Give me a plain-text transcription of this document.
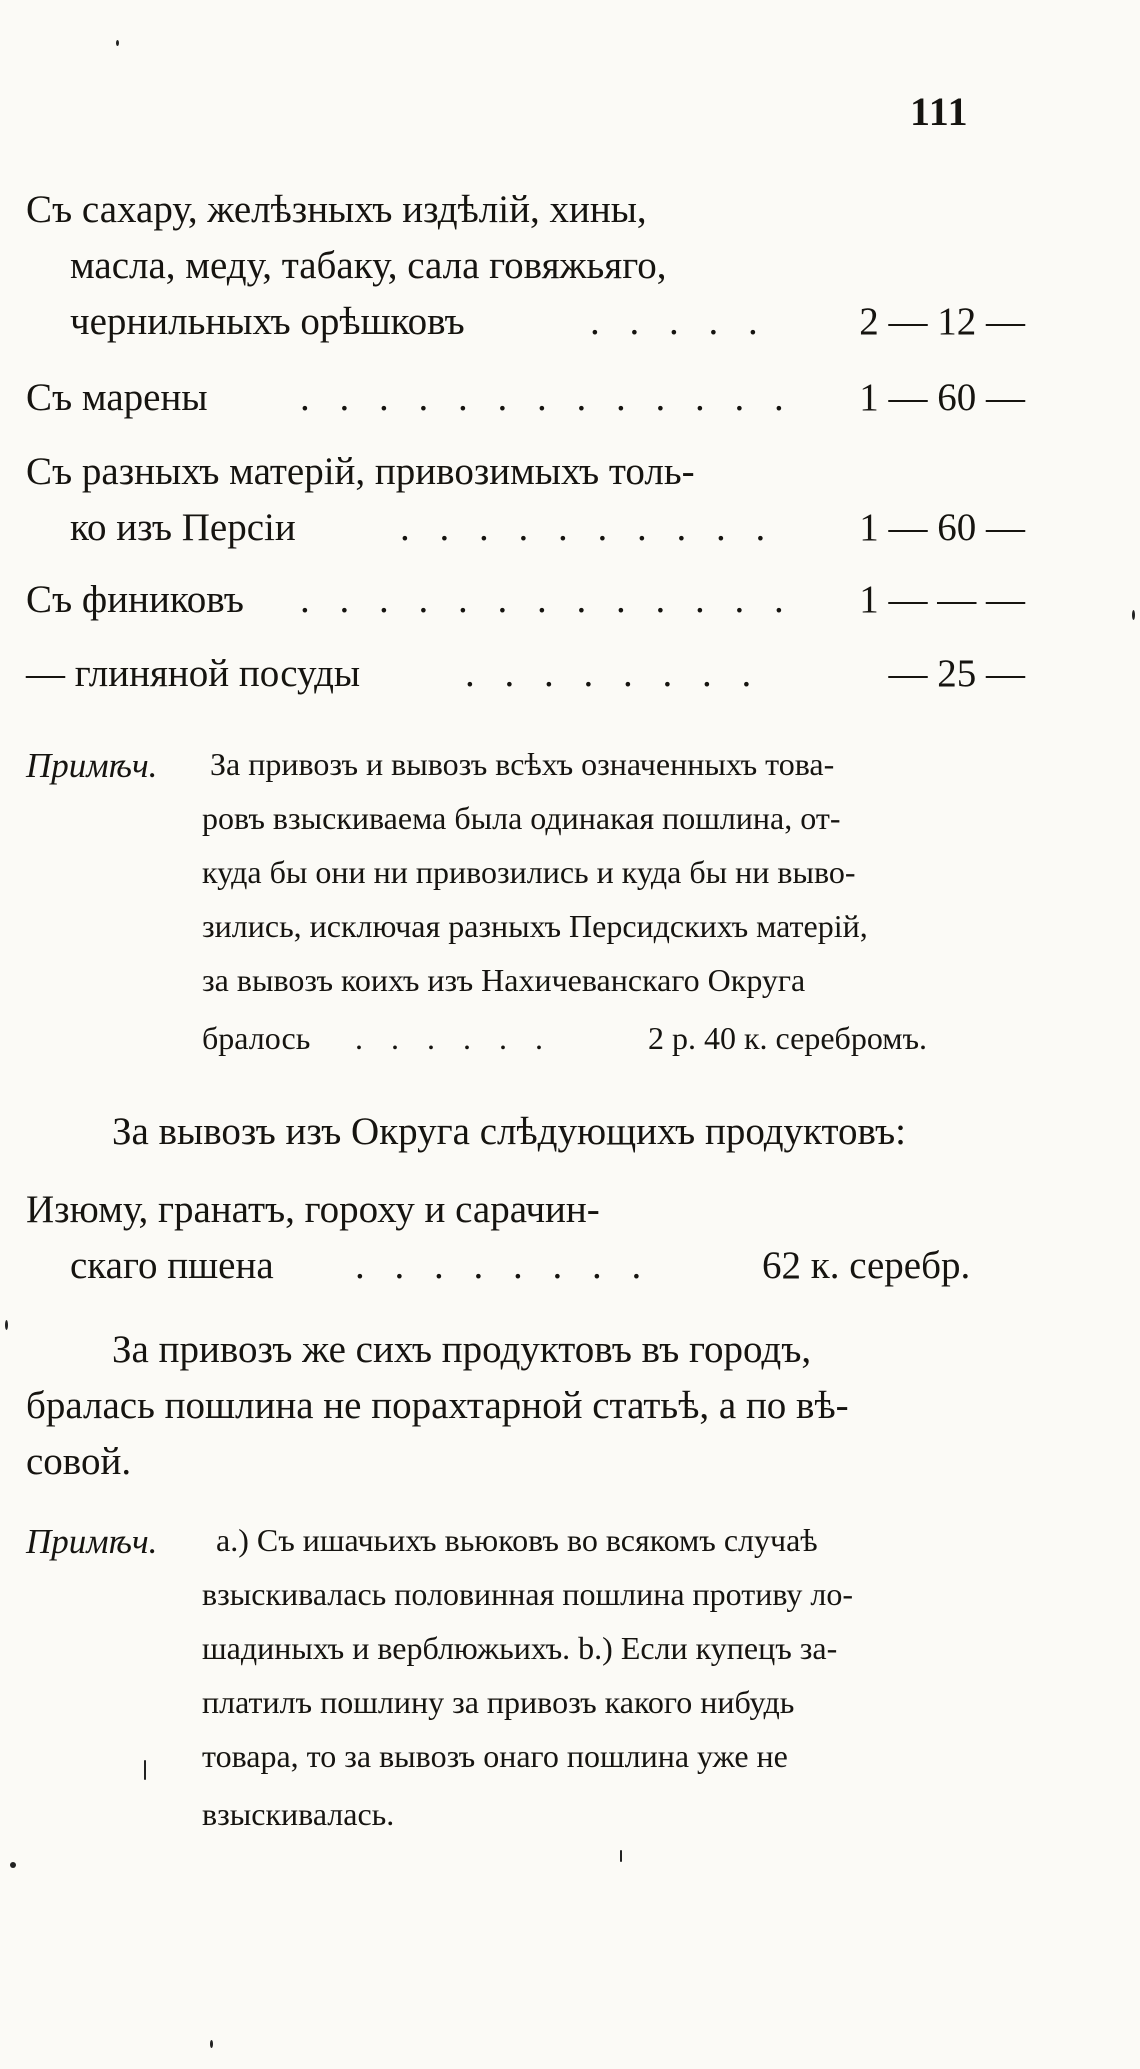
111
Съ сахару, желѣзныхъ издѣлій, хины,
масла, меду, табаку, сала говяжьяго,
чернильныхъ орѣшковъ	. . . . .	2 — 12 —
Съ марены . . . . . . . . . . . . .	1 — 60 —
Съ разныхъ матерій, привозимыхъ толь-
ко изъ Персіи	. . . . . . . . . .	1 — 60 —
Съ финиковъ . . . . . . . . . . . . .	1 — — —
— глиняной посуды	. . . . . . . .	— 25 —
Примѣч. За привозъ и вывозъ всѣхъ означенныхъ това-
ровъ взыскиваема была одинакая пошлина, от-
куда бы они ни привозились и куда бы ни выво-
зились, исключая разныхъ Персидскихъ матерій,
за вывозъ коихъ изъ Нахичеванскаго Округа
бралось . . . . . .	2 р. 40 к. серебромъ.
За вывозъ изъ Округа слѣдующихъ продуктовъ:
Изюму, гранатъ, гороху и сарачин-
скаго пшена . . . . . . . .	62 к. серебр.
За привозъ же сихъ продуктовъ въ городъ,
бралась пошлина не порахтарной статьѣ, а по вѣ-
совой.
Примѣч. a.) Съ ишачьихъ вьюковъ во всякомъ случаѣ
взыскивалась половинная пошлина противу ло-
шадиныхъ и верблюжьихъ. b.) Если купецъ за-
платилъ пошлину за привозъ какого нибудь
товара, то за вывозъ онаго пошлина уже не
взыскивалась.
